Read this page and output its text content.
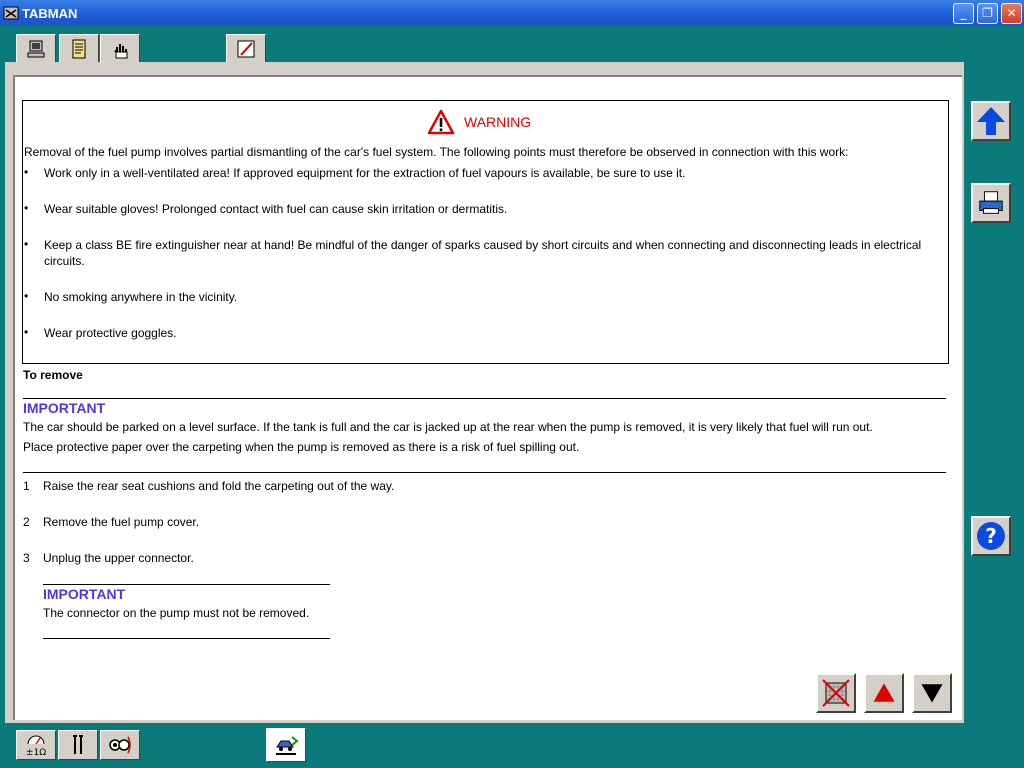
TABMAN	_	❐	✕
WARNING
Removal of the fuel pump involves partial dismantling of the car's fuel system. The following points must therefore be observed in connection with this work:
• Work only in a well-ventilated area! If approved equipment for the extraction of fuel vapours is available, be sure to use it.
• Wear suitable gloves! Prolonged contact with fuel can cause skin irritation or dermatitis.
• Keep a class BE fire extinguisher near at hand! Be mindful of the danger of sparks caused by short circuits and when connecting and disconnecting leads in electrical circuits.
• No smoking anywhere in the vicinity.
• Wear protective goggles.
To remove
IMPORTANT
The car should be parked on a level surface. If the tank is full and the car is jacked up at the rear when the pump is removed, it is very likely that fuel will run out.
Place protective paper over the carpeting when the pump is removed as there is a risk of fuel spilling out.
1 Raise the rear seat cushions and fold the carpeting out of the way.
2 Remove the fuel pump cover.
3 Unplug the upper connector.
IMPORTANT
The connector on the pump must not be removed.
?
±1Ω
